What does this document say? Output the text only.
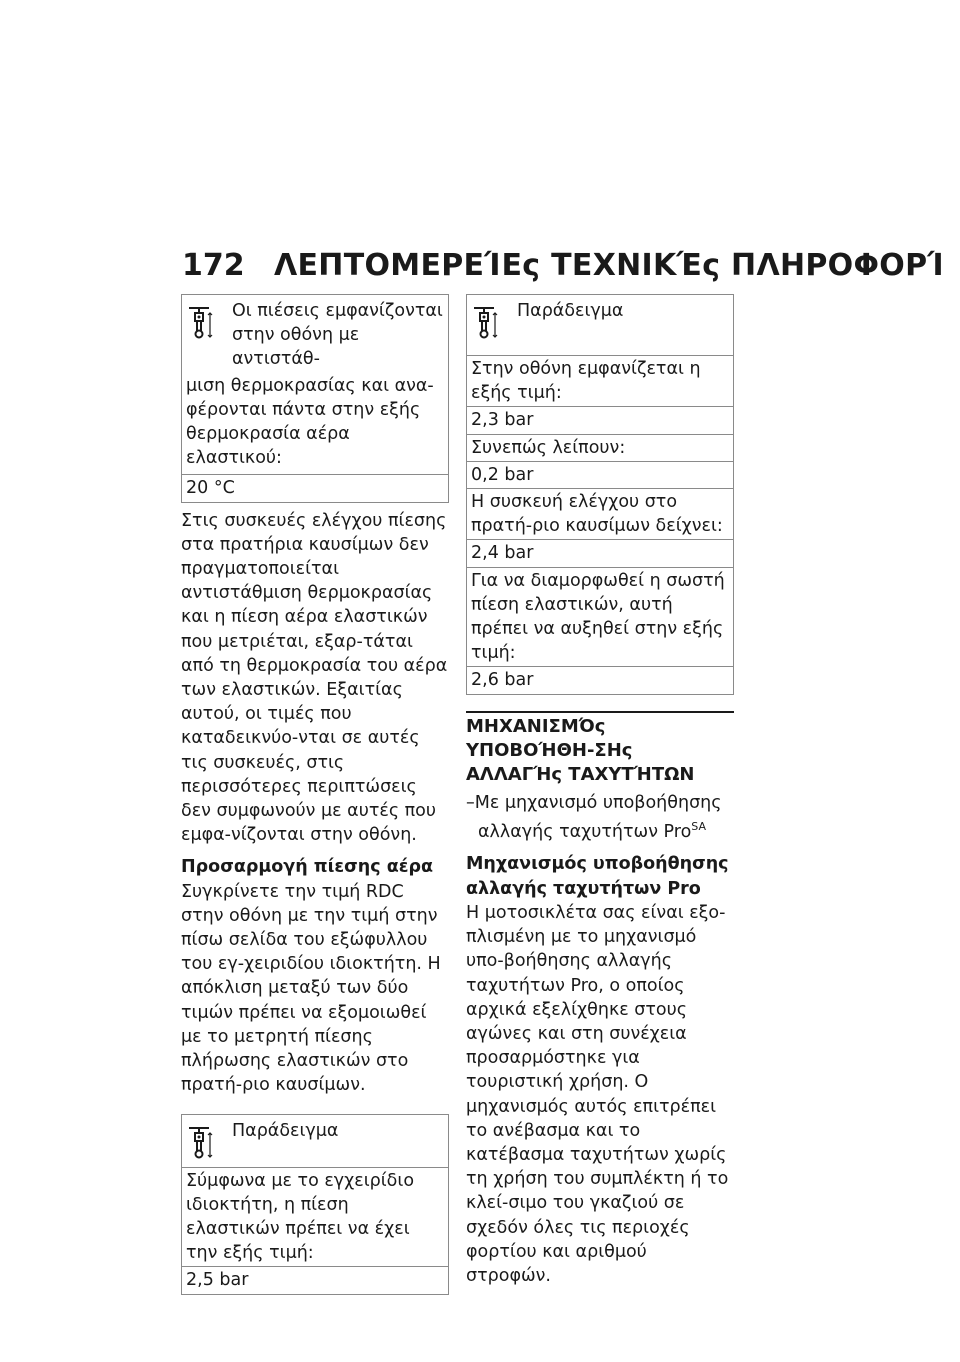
172 ΛΕΠΤΟΜΕΡΕΊΕς ΤΕΧΝΙΚΈς ΠΛΗΡΟΦΟΡΊ
Οι πιέσεις εμφανίζονται στην οθόνη με αντιστάθ-
μιση θερμοκρασίας και ανα-φέρονται πάντα στην εξής θερμοκρασία αέρα ελαστικού:
20 °C

Στις συσκευές ελέγχου πίεσης στα πρατήρια καυσίμων δεν πραγματοποιείται αντιστάθμιση θερμοκρασίας και η πίεση αέρα ελαστικών που μετριέται, εξαρ-τάται από τη θερμοκρασία του αέρα των ελαστικών. Εξαιτίας αυτού, οι τιμές που καταδεικνύο-νται σε αυτές τις συσκευές, στις περισσότερες περιπτώσεις δεν συμφωνούν με αυτές που εμφα-νίζονται στην οθόνη.

Προσαρμογή πίεσης αέρα

Συγκρίνετε την τιμή RDC στην οθόνη με την τιμή στην πίσω σελίδα του εξώφυλλου του εγ-χειριδίου ιδιοκτήτη. Η απόκλιση μεταξύ των δύο τιμών πρέπει να εξομοιωθεί με το μετρητή πίεσης πλήρωσης ελαστικών στο πρατή-ριο καυσίμων.

Παράδειγμα
Σύμφωνα με το εγχειρίδιο ιδιοκτήτη, η πίεση ελαστικών πρέπει να έχει την εξής τιμή:
2,5 bar
Παράδειγμα
Στην οθόνη εμφανίζεται η εξής τιμή:
2,3 bar
Συνεπώς λείπουν:
0,2 bar
Η συσκευή ελέγχου στο πρατή-ριο καυσίμων δείχνει:
2,4 bar
Για να διαμορφωθεί η σωστή πίεση ελαστικών, αυτή πρέπει να αυξηθεί στην εξής τιμή:
2,6 bar

ΜΗΧΑΝΙΣΜΌς ΥΠΟΒΟΉΘΗ-ΣΗς ΑΛΛΑΓΉς ΤΑΧΥΤΉΤΩΝ

–Με μηχανισμό υποβοήθησης
αλλαγής ταχυτήτων Pro$^{SA}$

Μηχανισμός υποβοήθησης αλλαγής ταχυτήτων Pro

Η μοτοσικλέτα σας είναι εξο-πλισμένη με το μηχανισμό υπο-βοήθησης αλλαγής ταχυτήτων Pro, ο οποίος αρχικά εξελίχθηκε στους αγώνες και στη συνέχεια προσαρμόστηκε για τουριστική χρήση. Ο μηχανισμός αυτός επιτρέπει το ανέβασμα και το κατέβασμα ταχυτήτων χωρίς τη χρήση του συμπλέκτη ή το κλεί-σιμο του γκαζιού σε σχεδόν όλες τις περιοχές φορτίου και αριθμού στροφών.
